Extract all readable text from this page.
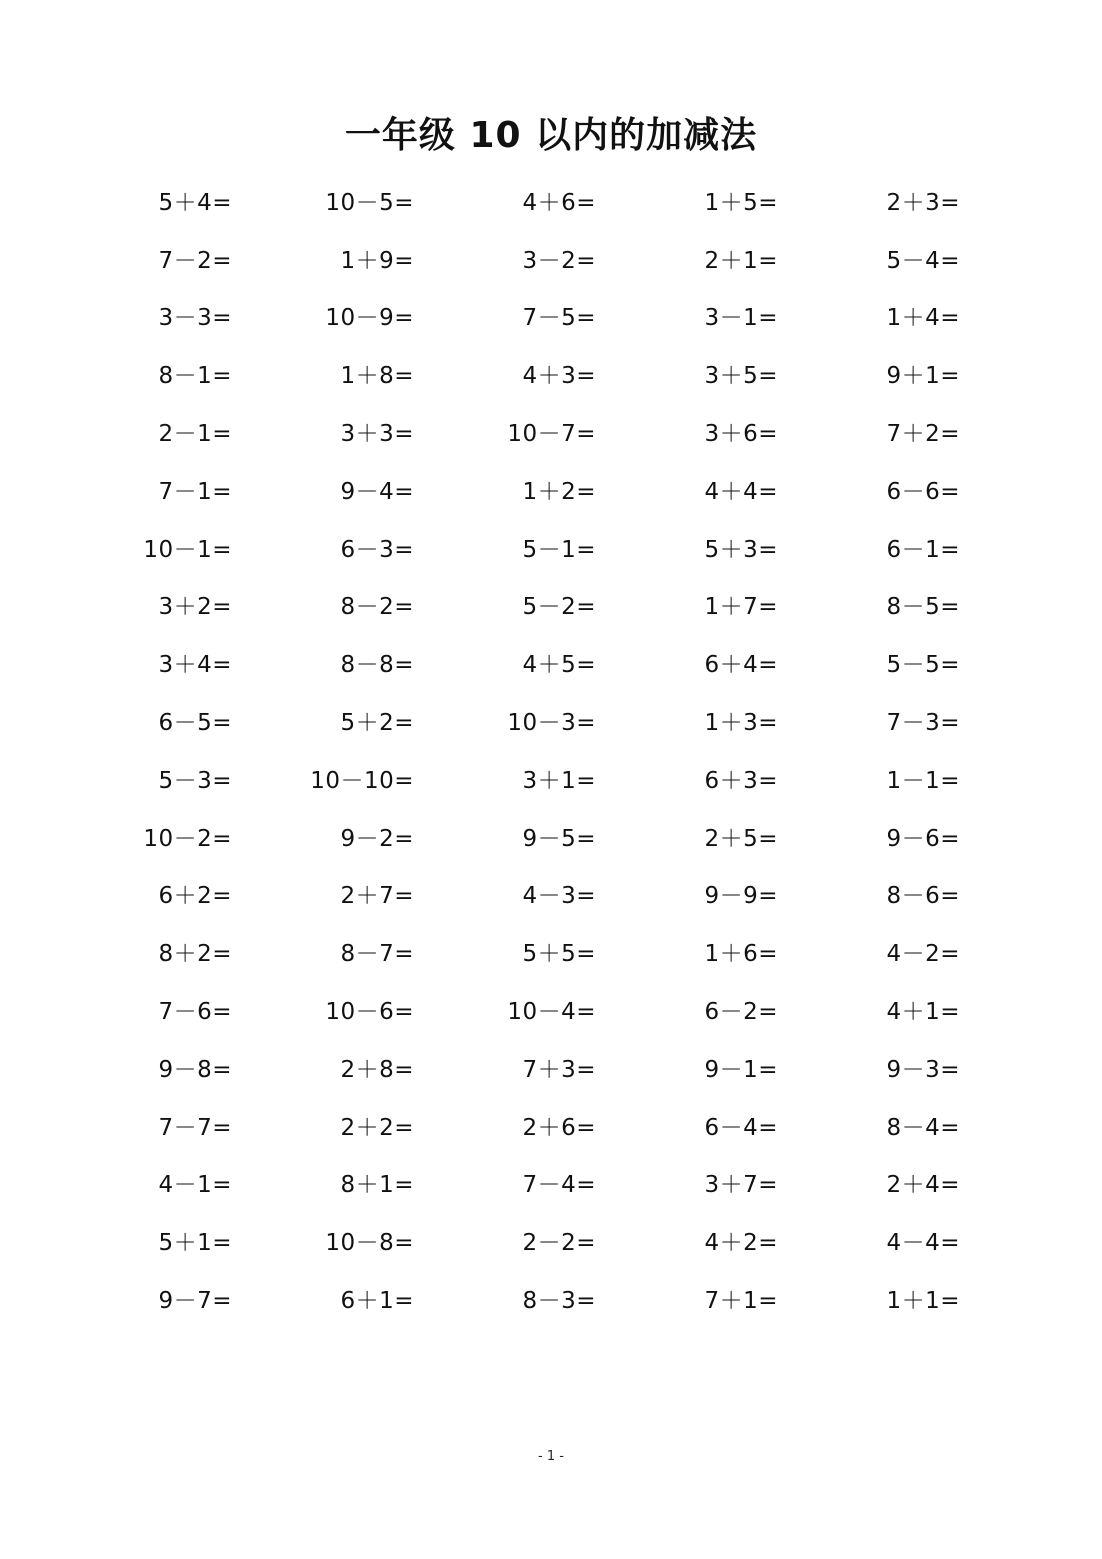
一年级 10 以内的加减法
5＋4=	10－5=	4＋6=	1＋5=	2＋3=
7－2=	1＋9=	3－2=	2＋1=	5－4=
3－3=	10－9=	7－5=	3－1=	1＋4=
8－1=	1＋8=	4＋3=	3＋5=	9＋1=
2－1=	3＋3=	10－7=	3＋6=	7＋2=
7－1=	9－4=	1＋2=	4＋4=	6－6=
10－1=	6－3=	5－1=	5＋3=	6－1=
3＋2=	8－2=	5－2=	1＋7=	8－5=
3＋4=	8－8=	4＋5=	6＋4=	5－5=
6－5=	5＋2=	10－3=	1＋3=	7－3=
5－3=	10－10=	3＋1=	6＋3=	1－1=
10－2=	9－2=	9－5=	2＋5=	9－6=
6＋2=	2＋7=	4－3=	9－9=	8－6=
8＋2=	8－7=	5＋5=	1＋6=	4－2=
7－6=	10－6=	10－4=	6－2=	4＋1=
9－8=	2＋8=	7＋3=	9－1=	9－3=
7－7=	2＋2=	2＋6=	6－4=	8－4=
4－1=	8＋1=	7－4=	3＋7=	2＋4=
5＋1=	10－8=	2－2=	4＋2=	4－4=
9－7=	6＋1=	8－3=	7＋1=	1＋1=
- 1 -
